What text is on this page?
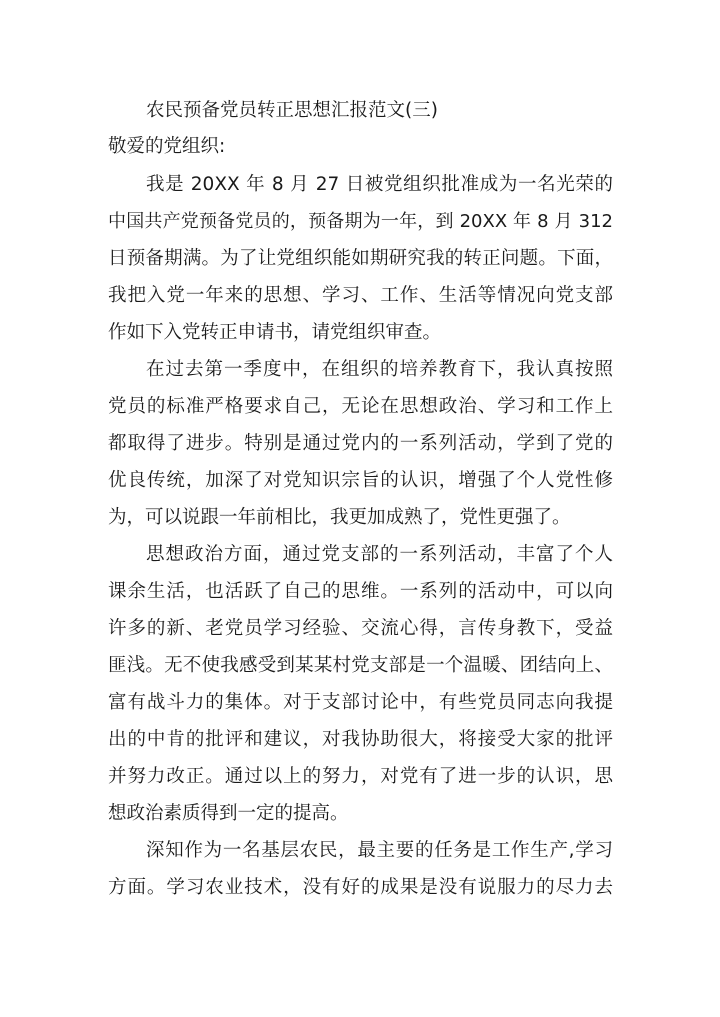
农民预备党员转正思想汇报范文(三)
敬爱的党组织:
我是 20XX 年 8 月 27 日被党组织批准成为一名光荣的
中国共产党预备党员的，预备期为一年，到 20XX 年 8 月 312
日预备期满。为了让党组织能如期研究我的转正问题。下面，
我把入党一年来的思想、学习、工作、生活等情况向党支部
作如下入党转正申请书，请党组织审查。
在过去第一季度中，在组织的培养教育下，我认真按照
党员的标准严格要求自己，无论在思想政治、学习和工作上
都取得了进步。特别是通过党内的一系列活动，学到了党的
优良传统，加深了对党知识宗旨的认识，增强了个人党性修
为，可以说跟一年前相比，我更加成熟了，党性更强了。
思想政治方面，通过党支部的一系列活动，丰富了个人
课余生活，也活跃了自己的思维。一系列的活动中，可以向
许多的新、老党员学习经验、交流心得，言传身教下，受益
匪浅。无不使我感受到某某村党支部是一个温暖、团结向上、
富有战斗力的集体。对于支部讨论中，有些党员同志向我提
出的中肯的批评和建议，对我协助很大，将接受大家的批评
并努力改正。通过以上的努力，对党有了进一步的认识，思
想政治素质得到一定的提高。
深知作为一名基层农民，最主要的任务是工作生产,学习
方面。学习农业技术，没有好的成果是没有说服力的尽力去
